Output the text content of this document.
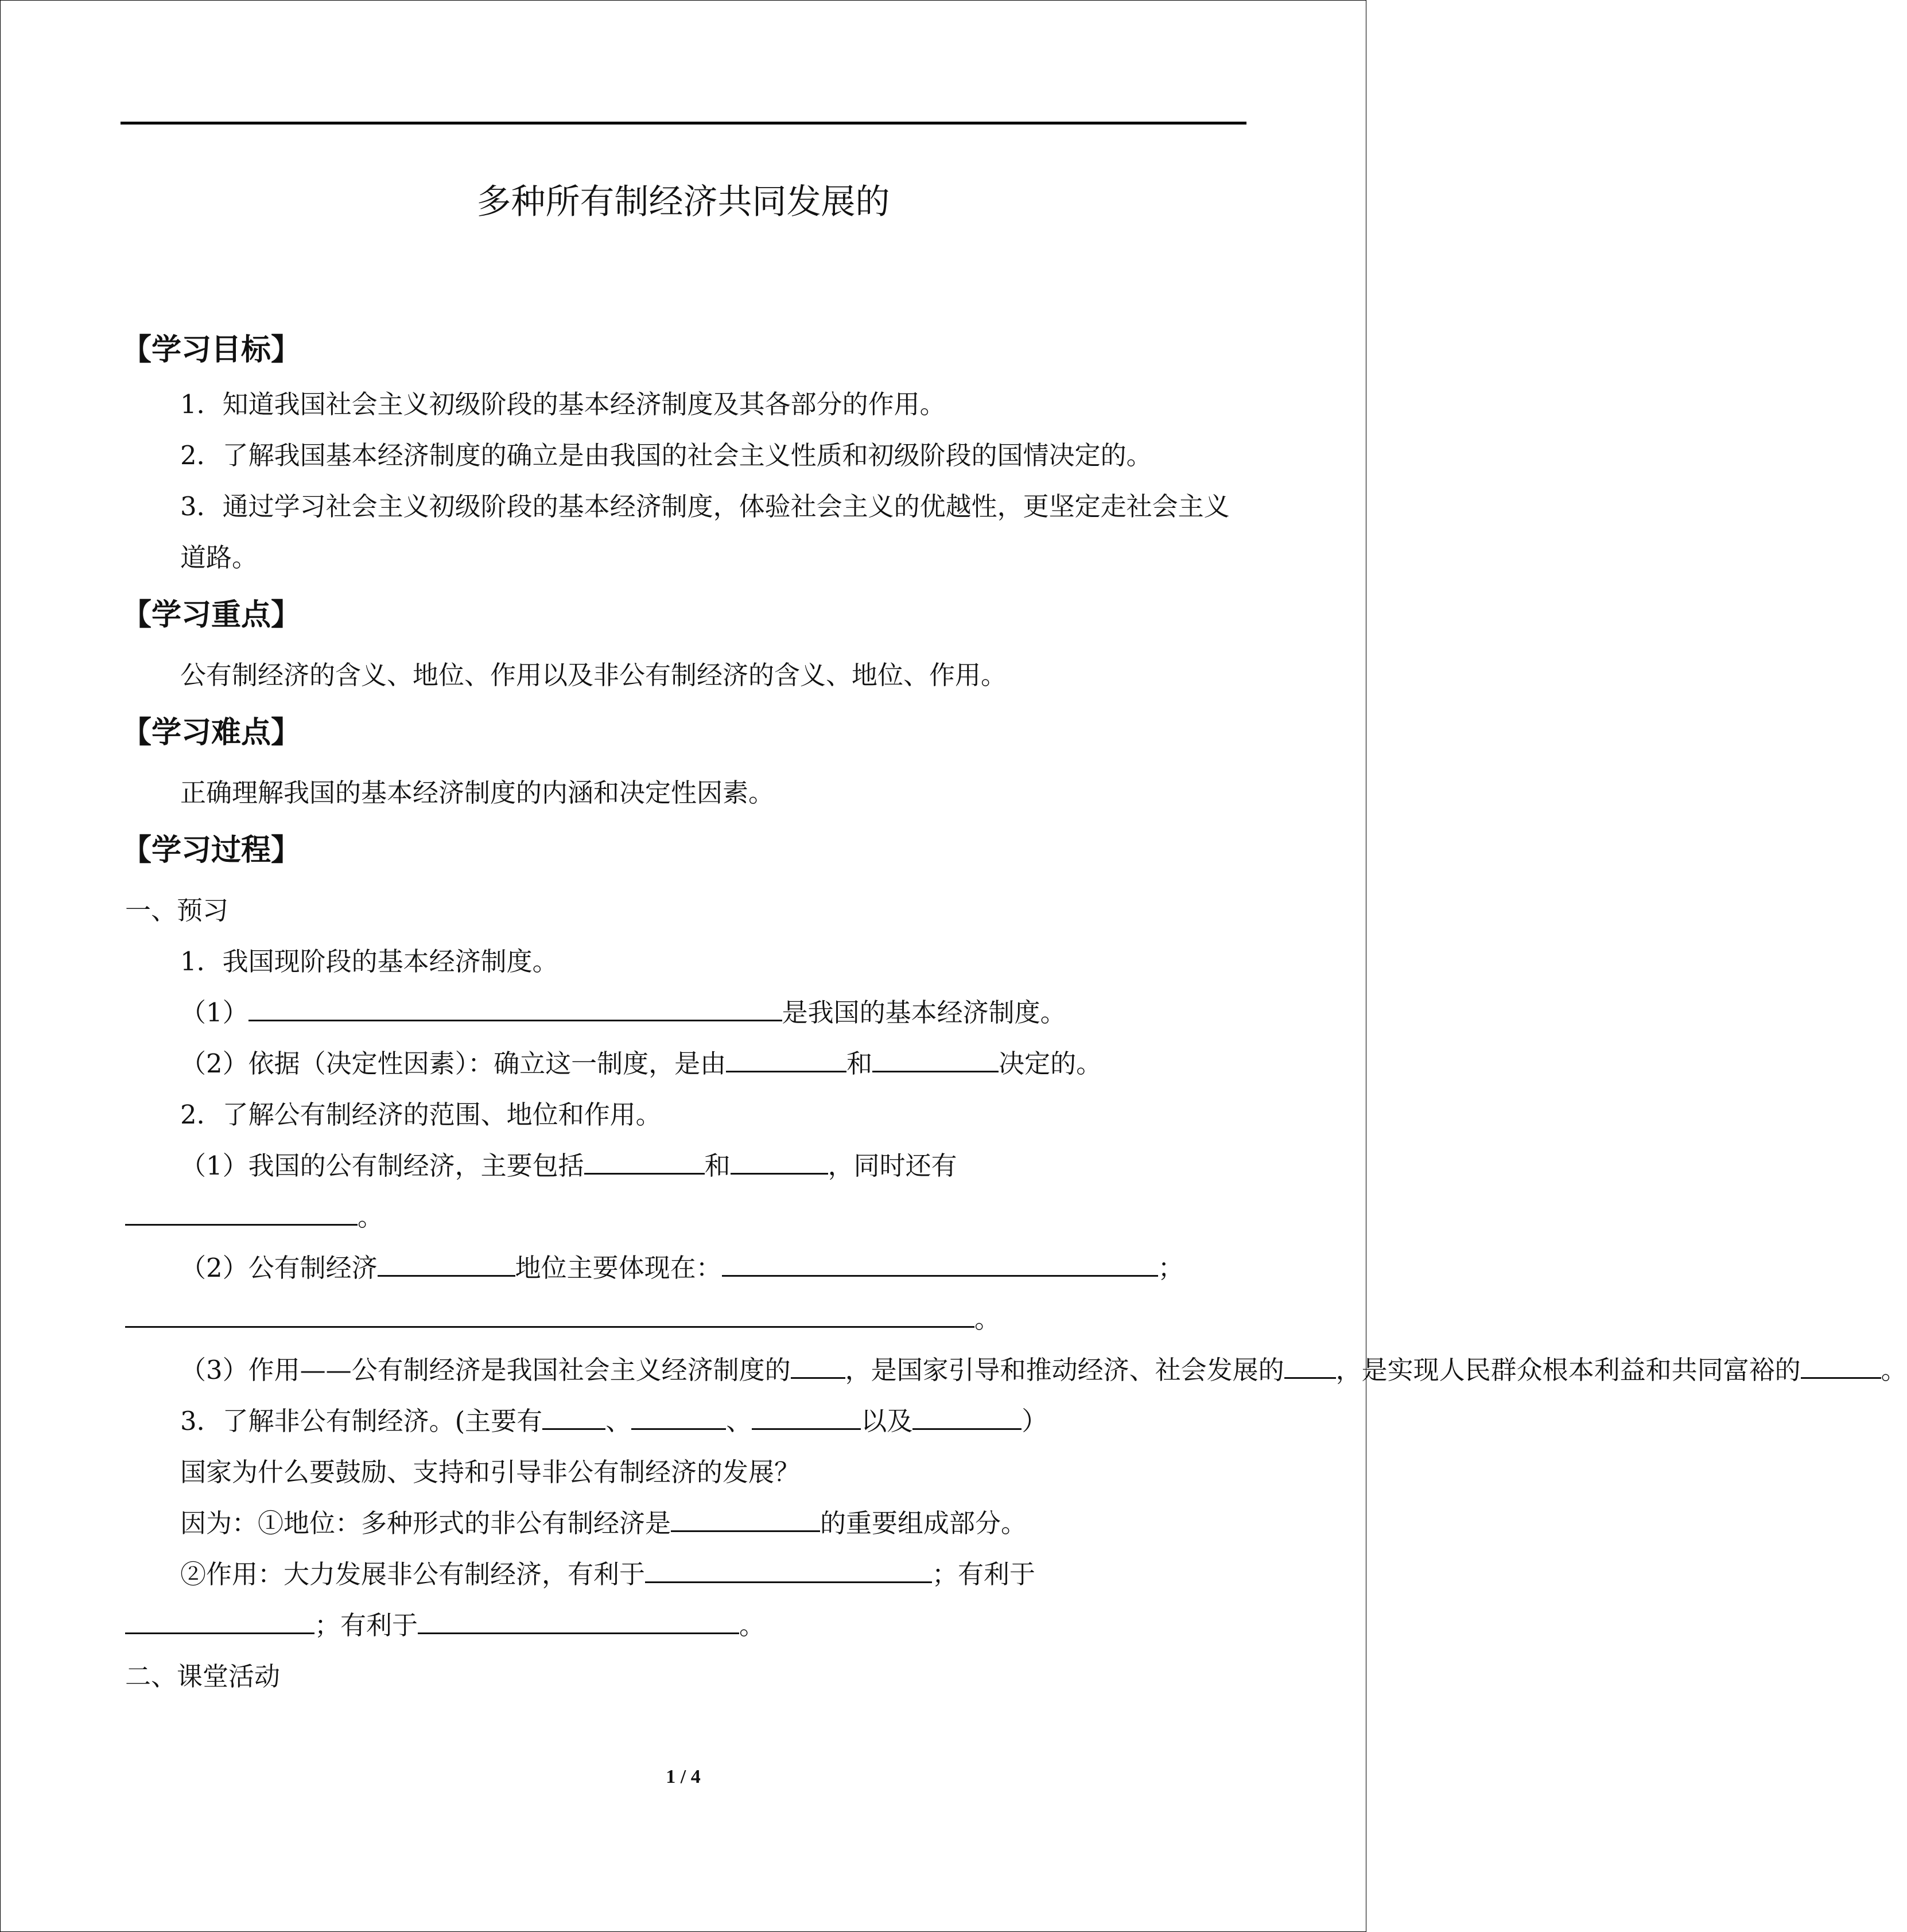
多种所有制经济共同发展的
【学习目标】

1．知道我国社会主义初级阶段的基本经济制度及其各部分的作用。

2．了解我国基本经济制度的确立是由我国的社会主义性质和初级阶段的国情决定的。

3．通过学习社会主义初级阶段的基本经济制度，体验社会主义的优越性，更坚定走社会主义道路。

【学习重点】

公有制经济的含义、地位、作用以及非公有制经济的含义、地位、作用。

【学习难点】

正确理解我国的基本经济制度的内涵和决定性因素。

【学习过程】

一、预习

1．我国现阶段的基本经济制度。

（1）	是我国的基本经济制度。

（2）依据（决定性因素）：确立这一制度，是由	和	决定的。

2．了解公有制经济的范围、地位和作用。

（1）我国的公有制经济，主要包括	和	，同时还有

。

（2）公有制经济	地位主要体现在：	；

。

（3）作用——公有制经济是我国社会主义经济制度的 ，是国家引导和推动经济、社会发展的 ，是实现人民群众根本利益和共同富裕的	。

3．了解非公有制经济。(主要有 、	、	以及	）

国家为什么要鼓励、支持和引导非公有制经济的发展？

因为：①地位：多种形式的非公有制经济是	的重要组成部分。

②作用：大力发展非公有制经济，有利于	；有利于

；有利于	。

二、课堂活动

1 / 4
